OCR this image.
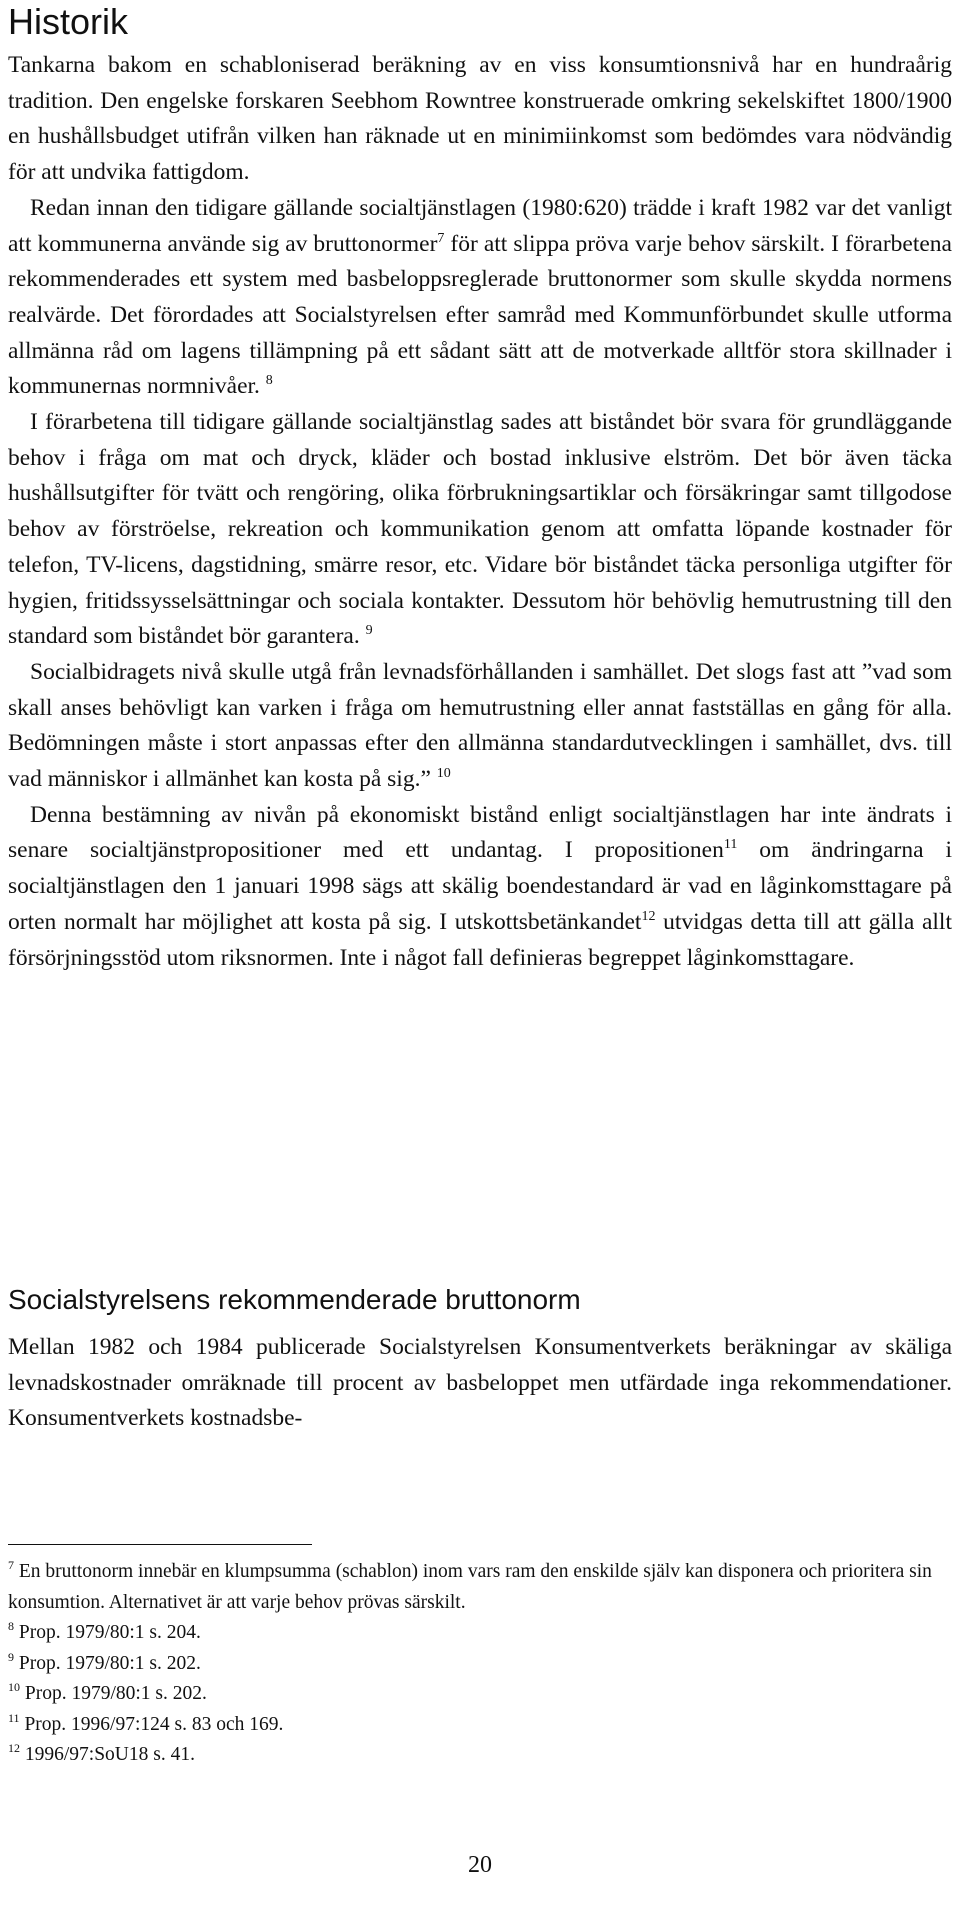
Historik

Tankarna bakom en schabloniserad beräkning av en viss konsumtionsnivå har en hundraårig tradition. Den engelske forskaren Seebhom Rowntree konstruerade omkring sekelskiftet 1800/1900 en hushållsbudget utifrån vilken han räknade ut en minimiinkomst som bedömdes vara nödvändig för att undvika fattigdom.

Redan innan den tidigare gällande socialtjänstlagen (1980:620) trädde i kraft 1982 var det vanligt att kommunerna använde sig av bruttonormer$^7$ för att slippa pröva varje behov särskilt. I förarbetena rekommenderades ett system med basbeloppsreglerade bruttonormer som skulle skydda normens realvärde. Det förordades att Socialstyrelsen efter samråd med Kommunförbundet skulle utforma allmänna råd om lagens tillämpning på ett sådant sätt att de motverkade alltför stora skillnader i kommunernas normnivåer. $^8$

I förarbetena till tidigare gällande socialtjänstlag sades att biståndet bör svara för grundläggande behov i fråga om mat och dryck, kläder och bostad inklusive elström. Det bör även täcka hushållsutgifter för tvätt och rengöring, olika förbrukningsartiklar och försäkringar samt tillgodose behov av förströelse, rekreation och kommunikation genom att omfatta löpande kostnader för telefon, TV-licens, dagstidning, smärre resor, etc. Vidare bör biståndet täcka personliga utgifter för hygien, fritidssysselsättningar och sociala kontakter. Dessutom hör behövlig hemutrustning till den standard som biståndet bör garantera. $^9$

Socialbidragets nivå skulle utgå från levnadsförhållanden i samhället. Det slogs fast att ”vad som skall anses behövligt kan varken i fråga om hemutrustning eller annat fastställas en gång för alla. Bedömningen måste i stort anpassas efter den allmänna standardutvecklingen i samhället, dvs. till vad människor i allmänhet kan kosta på sig.” $^{10}$

Denna bestämning av nivån på ekonomiskt bistånd enligt socialtjänstlagen har inte ändrats i senare socialtjänstpropositioner med ett undantag. I propositionen$^{11}$ om ändringarna i socialtjänstlagen den 1 januari 1998 sägs att skälig boendestandard är vad en låginkomsttagare på orten normalt har möjlighet att kosta på sig. I utskottsbetänkandet$^{12}$ utvidgas detta till att gälla allt försörjningsstöd utom riksnormen. Inte i något fall definieras begreppet låginkomsttagare.

Socialstyrelsens rekommenderade bruttonorm

Mellan 1982 och 1984 publicerade Socialstyrelsen Konsumentverkets beräkningar av skäliga levnadskostnader omräknade till procent av basbeloppet men utfärdade inga rekommendationer. Konsumentverkets kostnadsbe-

$^7$ En bruttonorm innebär en klumpsumma (schablon) inom vars ram den enskilde själv kan disponera och prioritera sin konsumtion. Alternativet är att varje behov prövas särskilt.

$^8$ Prop. 1979/80:1 s. 204.

$^9$ Prop. 1979/80:1 s. 202.

$^{10}$ Prop. 1979/80:1 s. 202.

$^{11}$ Prop. 1996/97:124 s. 83 och 169.

$^{12}$ 1996/97:SoU18 s. 41.

20
